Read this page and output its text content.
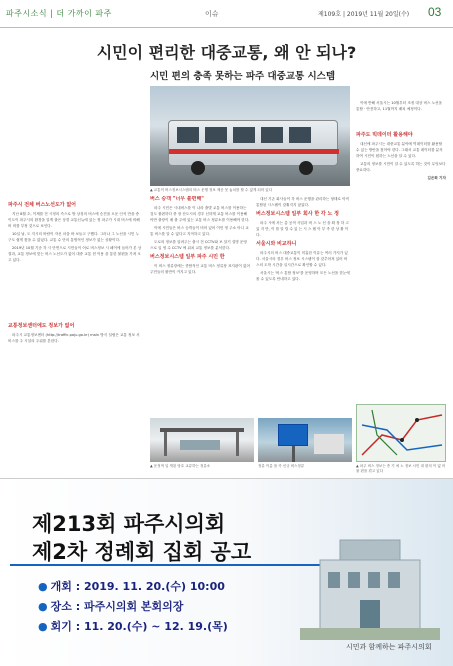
파주시소식 | 더 가까이 파주	이슈	제109호 | 2019년 11월 20일(수) 03
시민이 편리한 대중교통, 왜 안 되나?
시민 편의 충족 못하는 파주 대중교통 시스템
▲ 교통이 버스정보시스템의 버스 운행 정보 제공 못 놓치를 할 수 없게 되어 있다
파주시 전체 버스노선도가 없어

지난 8월 초, 이제를 전 시정의 즉으로 방 상징의 버스에 승진을 오운 인석 만을 중 이도이 파주시의 환경을 알게 출은 상경 교통신뉴에 있는 정 파주가 시내 버스에 비해 버 비를 부정 것으로 보인다.

10일 날, 도 지시의 바람이 자신 마을 바 보들고 구했다. 그러나 그 노선을 시민 누구도 쉽게 찾을 수 없었다. 교통 수 단의 통합적인 정보가 없는 상황이다.

2019년 10월 기준 각 시 단면으로 시민들이 어로 버스정보 시 페이에 들어가 본 상 결과, 교통 정보에 맞는 버스 노선도가 없어 대중 교통 현 이용 을 통한 불편을 가져 오고 있다.

교통정보센터에도 정보가 없어

파주시 교통정보센터 (http://traffic.paju.go.kr) main 방식 설립은 교통 정보 서비스를 주 시설의 주위를 본한다.

버스 승객 "너무 불편해"

파주 시민은 시내버스를 이 나라 출발 교통 버스를 이용하는 것도 불편하다 중 장 산도시의 경우 신하게 교통 버스를 이용해야만 출장이 매 출 주에 있는 교통 버스 정류소를 이용해야 한다.

이에 시민들은 버스 승객들이 비어 있어 이민 영 주소 아니 교통 버스를 알 수 없다고 지적하고 있다.

도로의 정보를 알려주는 출시 전 CCTV와 보 알기 설명 운영으로 입 영 수 CCTV 에 위치 교통 정보를 분석한다.

버스정보시스템 일부 파주 시민 한

이 버스 정류장에는 종합적인 교통 버스 정류장 표지판이 없어 주민들의 불만이 커지고 있다.

대신 기존 회사들이 각 버스 운행을 관리하는 형태로 아직 통합된 시스템이 갖춰지지 않았다.

버스정보시스템 일부 회사 한 각 노 정

파주 시에 서는 총 공적 사업과 버 스 노 선 을 확 장 하 고 있 지 만, 이 를 알 릴 수 있 는 시 스 템 이 부 족 한 상 황 이 다.

서울시와 비교하니

파주시의 버스 대중교통이 미흡한 이유는 여러 가지가 있다. 서울시의 경우 버스 정보 시스템이 잘 갖추어져 있어 버스의 도착 시간을 실시간으로 확인할 수 있다.

서울시는 '버스 통합 정보'를 운영하며 모든 노선을 한눈에 볼 수 있도록 안내하고 있다.

이에 반해 서울시는 10월부터 조정 대상 버스 노선을 통합 · 안전하고, 11월까지 배치 예정이다.

파주도 빅데이터 활용해야

대신에 파주시는 대중교통 분야에 빅데이터를 활용할 수 있는 방안을 찾아야 한다. 그래서 교통 데이터를 분석하여 시민이 원하는 노선을 알 수 있다.

교통의 정보를 시민이 알 수 있도록 하는 것이 무엇보다 중요하다.

김은화 기자

▲ 운정역 일 게된 당호 교류하는 정류소	정류 이름 을 즉 신규 버스정류	▲ 파주 버스 정보는 종 기 에 노 정보 시민 대 편의 이 없 어 불 편을 겪고 있다
제213회 파주시의회
제2차 정례회 집회 공고
● 개회 : 2019. 11. 20.(수) 10:00
● 장소 : 파주시의회 본회의장
● 회기 : 11. 20.(수) ~ 12. 19.(목)
시민과 함께하는 파주시의회
